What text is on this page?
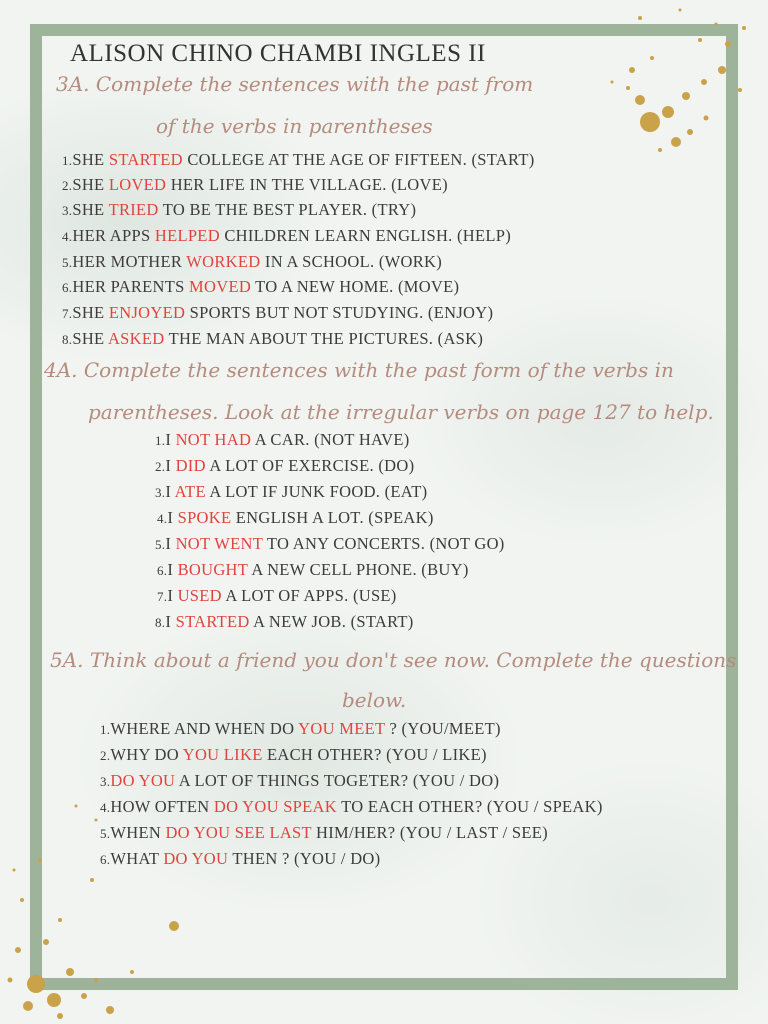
ALISON CHINO CHAMBI INGLES II
3A. Complete the sentences with the past from
of the verbs in parentheses
1.SHE STARTED COLLEGE AT THE AGE OF FIFTEEN. (START)
2.SHE LOVED HER LIFE IN THE VILLAGE. (LOVE)
3.SHE TRIED TO BE THE BEST PLAYER. (TRY)
4.HER APPS HELPED CHILDREN LEARN ENGLISH. (HELP)
5.HER MOTHER WORKED IN A SCHOOL. (WORK)
6.HER PARENTS MOVED TO A NEW HOME. (MOVE)
7.SHE ENJOYED SPORTS BUT NOT STUDYING. (ENJOY)
8.SHE ASKED THE MAN ABOUT THE PICTURES. (ASK)
4A. Complete the sentences with the past form of the verbs in
parentheses. Look at the irregular verbs on page 127 to help.
1.I NOT HAD A CAR. (NOT HAVE)
2.I DID A LOT OF EXERCISE. (DO)
3.I ATE A LOT IF JUNK FOOD. (EAT)
4.I SPOKE ENGLISH A LOT. (SPEAK)
5.I NOT WENT TO ANY CONCERTS. (NOT GO)
6.I BOUGHT A NEW CELL PHONE. (BUY)
7.I USED A LOT OF APPS. (USE)
8.I STARTED A NEW JOB. (START)
5A. Think about a friend you don't see now. Complete the questions
below.
1.WHERE AND WHEN DO YOU MEET ? (YOU/MEET)
2.WHY DO YOU LIKE EACH OTHER? (YOU / LIKE)
3.DO YOU A LOT OF THINGS TOGETER? (YOU / DO)
4.HOW OFTEN DO YOU SPEAK TO EACH OTHER? (YOU / SPEAK)
5.WHEN DO YOU SEE LAST HIM/HER? (YOU / LAST / SEE)
6.WHAT DO YOU THEN ? (YOU / DO)
